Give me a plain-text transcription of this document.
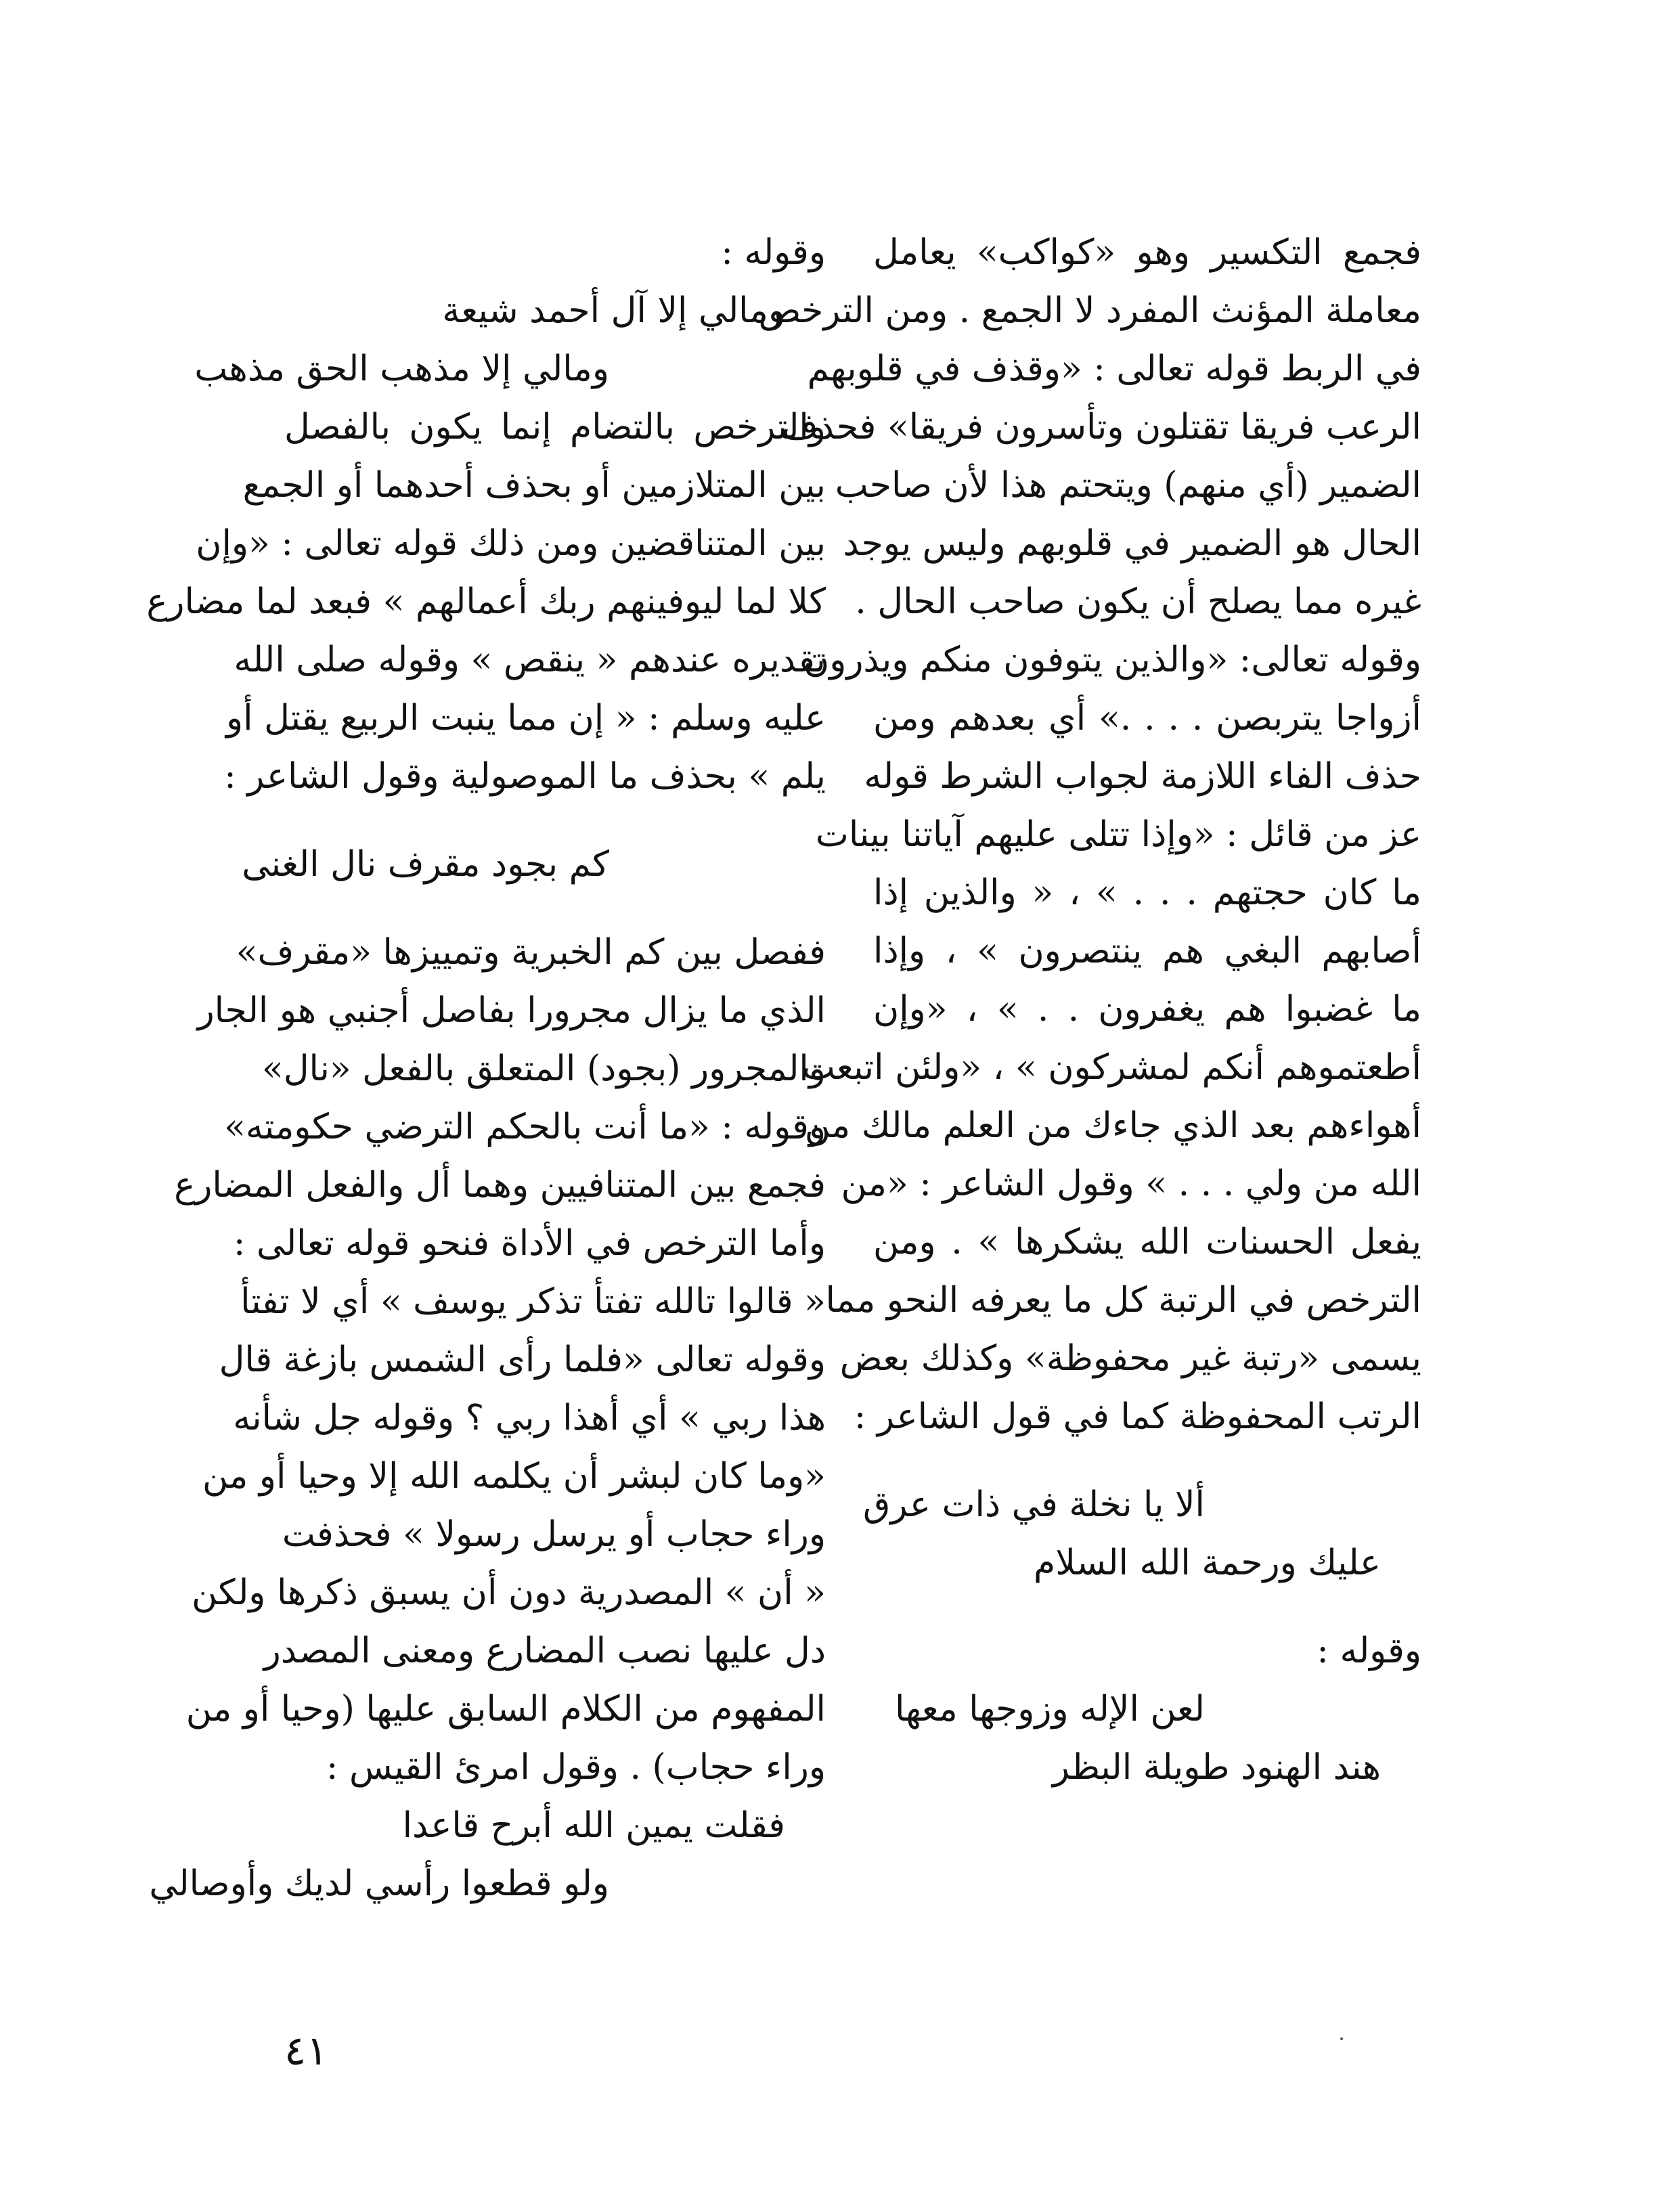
فجمع التكسير وهو «كواكب» يعامل
معاملة المؤنث المفرد لا الجمع . ومن الترخص
في الربط قوله تعالى : «وقذف في قلوبهم
الرعب فريقا تقتلون وتأسرون فريقا» فحذف
الضمير (أي منهم) ويتحتم هذا لأن صاحب
الحال هو الضمير في قلوبهم وليس يوجد
غيره مما يصلح أن يكون صاحب الحال .
وقوله تعالى: «والذين يتوفون منكم ويذرون
أزواجا يتربصن . . . .» أي بعدهم ومن
حذف الفاء اللازمة لجواب الشرط قوله
عز من قائل : «وإذا تتلى عليهم آياتنا بينات
ما كان حجتهم . . . » ، « والذين إذا
أصابهم البغي هم ينتصرون » ، وإذا
ما غضبوا هم يغفرون . . » ، «وإن
أطعتموهم أنكم لمشركون » ، «ولئن اتبعت
أهواءهم بعد الذي جاءك من العلم مالك من
الله من ولي . . . » وقول الشاعر : «من
يفعل الحسنات الله يشكرها » . ومن
الترخص في الرتبة كل ما يعرفه النحو مما
يسمى «رتبة غير محفوظة» وكذلك بعض
الرتب المحفوظة كما في قول الشاعر :
ألا يا نخلة في ذات عرق
عليك ورحمة الله السلام
وقوله :
لعن الإله وزوجها معها
هند الهنود طويلة البظر
وقوله :
ومالي إلا آل أحمد شيعة
ومالي إلا مذهب الحق مذهب
والترخص بالتضام إنما يكون بالفصل
بين المتلازمين أو بحذف أحدهما أو الجمع
بين المتناقضين ومن ذلك قوله تعالى : «وإن
كلا لما ليوفينهم ربك أعمالهم » فبعد لما مضارع
تقديره عندهم « ينقص » وقوله صلى الله
عليه وسلم : « إن مما ينبت الربيع يقتل أو
يلم » بحذف ما الموصولية وقول الشاعر :
كم بجود مقرف نال الغنى
ففصل بين كم الخبرية وتمييزها «مقرف»
الذي ما يزال مجرورا بفاصل أجنبي هو الجار
والمجرور (بجود) المتعلق بالفعل «نال»
وقوله : «ما أنت بالحكم الترضي حكومته»
فجمع بين المتنافيين وهما أل والفعل المضارع
وأما الترخص في الأداة فنحو قوله تعالى :
« قالوا تالله تفتأ تذكر يوسف » أي لا تفتأ
وقوله تعالى «فلما رأى الشمس بازغة قال
هذا ربي » أي أهذا ربي ؟ وقوله جل شأنه
«وما كان لبشر أن يكلمه الله إلا وحيا أو من
وراء حجاب أو يرسل رسولا » فحذفت
« أن » المصدرية دون أن يسبق ذكرها ولكن
دل عليها نصب المضارع ومعنى المصدر
المفهوم من الكلام السابق عليها (وحيا أو من
وراء حجاب) . وقول امرئ القيس :
فقلت يمين الله أبرح قاعدا
ولو قطعوا رأسي لديك وأوصالي
٤١
